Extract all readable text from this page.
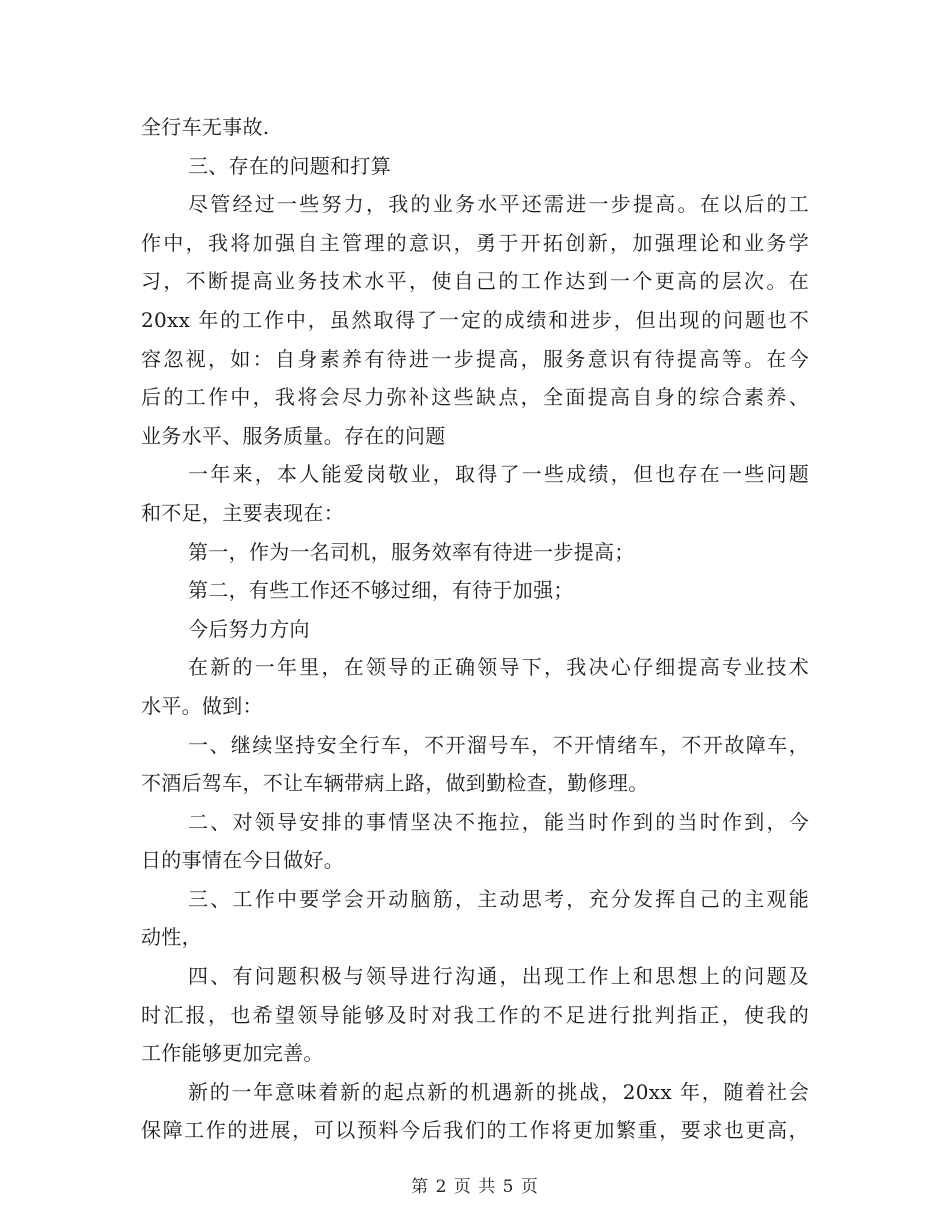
全行车无事故.
三、存在的问题和打算
尽管经过一些努力，我的业务水平还需进一步提高。在以后的工
作中，我将加强自主管理的意识，勇于开拓创新，加强理论和业务学
习，不断提高业务技术水平，使自己的工作达到一个更高的层次。在
20xx 年的工作中，虽然取得了一定的成绩和进步，但出现的问题也不
容忽视，如：自身素养有待进一步提高，服务意识有待提高等。在今
后的工作中，我将会尽力弥补这些缺点，全面提高自身的综合素养、
业务水平、服务质量。存在的问题
一年来，本人能爱岗敬业，取得了一些成绩，但也存在一些问题
和不足，主要表现在：
第一，作为一名司机，服务效率有待进一步提高；
第二，有些工作还不够过细，有待于加强；
今后努力方向
在新的一年里，在领导的正确领导下，我决心仔细提高专业技术
水平。做到：
一、继续坚持安全行车，不开溜号车，不开情绪车，不开故障车，
不酒后驾车，不让车辆带病上路，做到勤检查，勤修理。
二、对领导安排的事情坚决不拖拉，能当时作到的当时作到，今
日的事情在今日做好。
三、工作中要学会开动脑筋，主动思考，充分发挥自己的主观能
动性，
四、有问题积极与领导进行沟通，出现工作上和思想上的问题及
时汇报，也希望领导能够及时对我工作的不足进行批判指正，使我的
工作能够更加完善。
新的一年意味着新的起点新的机遇新的挑战，20xx 年，随着社会
保障工作的进展，可以预料今后我们的工作将更加繁重，要求也更高，
第 2 页 共 5 页
